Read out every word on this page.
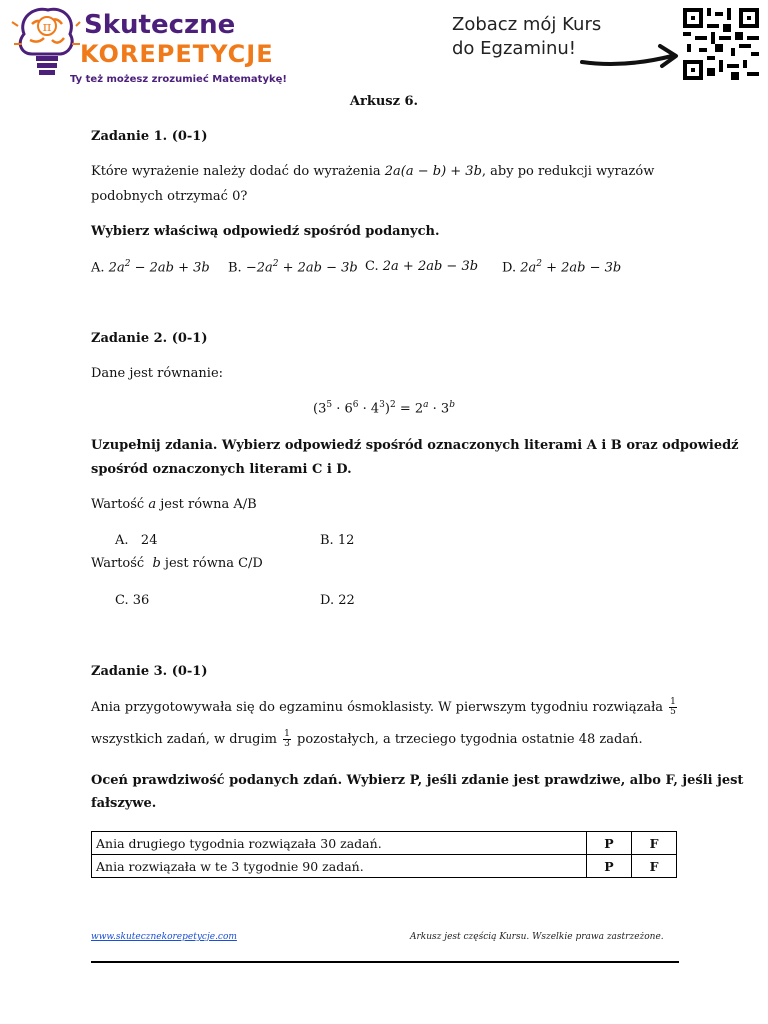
π Skuteczne
KOREPETYCJE
Ty też możesz zrozumieć Matematykę!
Zobacz mój Kurs
do Egzaminu!
Arkusz 6.
Zadanie 1. (0-1)
Które wyrażenie należy dodać do wyrażenia 2a(a − b) + 3b, aby po redukcji wyrazów
podobnych otrzymać 0?
Wybierz właściwą odpowiedź spośród podanych.
A. $2a^2 - 2ab + 3b$ B. $-2a^2 + 2ab - 3b$ C. 2a + 2ab − 3b D. $2a^2 + 2ab - 3b$
Zadanie 2. (0-1)
Dane jest równanie:
$(3^5 \cdot 6^6 \cdot 4^3)^2 = 2^a \cdot 3^b$
Uzupełnij zdania. Wybierz odpowiedź spośród oznaczonych literami A i B oraz odpowiedź
spośród oznaczonych literami C i D.
Wartość a jest równa A/B
A.   24	B. 12
Wartość  b jest równa C/D
C. 36	D. 22
Zadanie 3. (0-1)
Ania przygotowywała się do egzaminu ósmoklasisty. W pierwszym tygodniu rozwiązała $\frac{1}{5}$
wszystkich zadań, w drugim $\frac{1}{3}$ pozostałych, a trzeciego tygodnia ostatnie 48 zadań.
Oceń prawdziwość podanych zdań. Wybierz P, jeśli zdanie jest prawdziwe, albo F, jeśli jest
fałszywe.
Ania drugiego tygodnia rozwiązała 30 zadań.	P	F
Ania rozwiązała w te 3 tygodnie 90 zadań.	P	F
www.skutecznekorepetycje.com	Arkusz jest częścią Kursu. Wszelkie prawa zastrzeżone.
